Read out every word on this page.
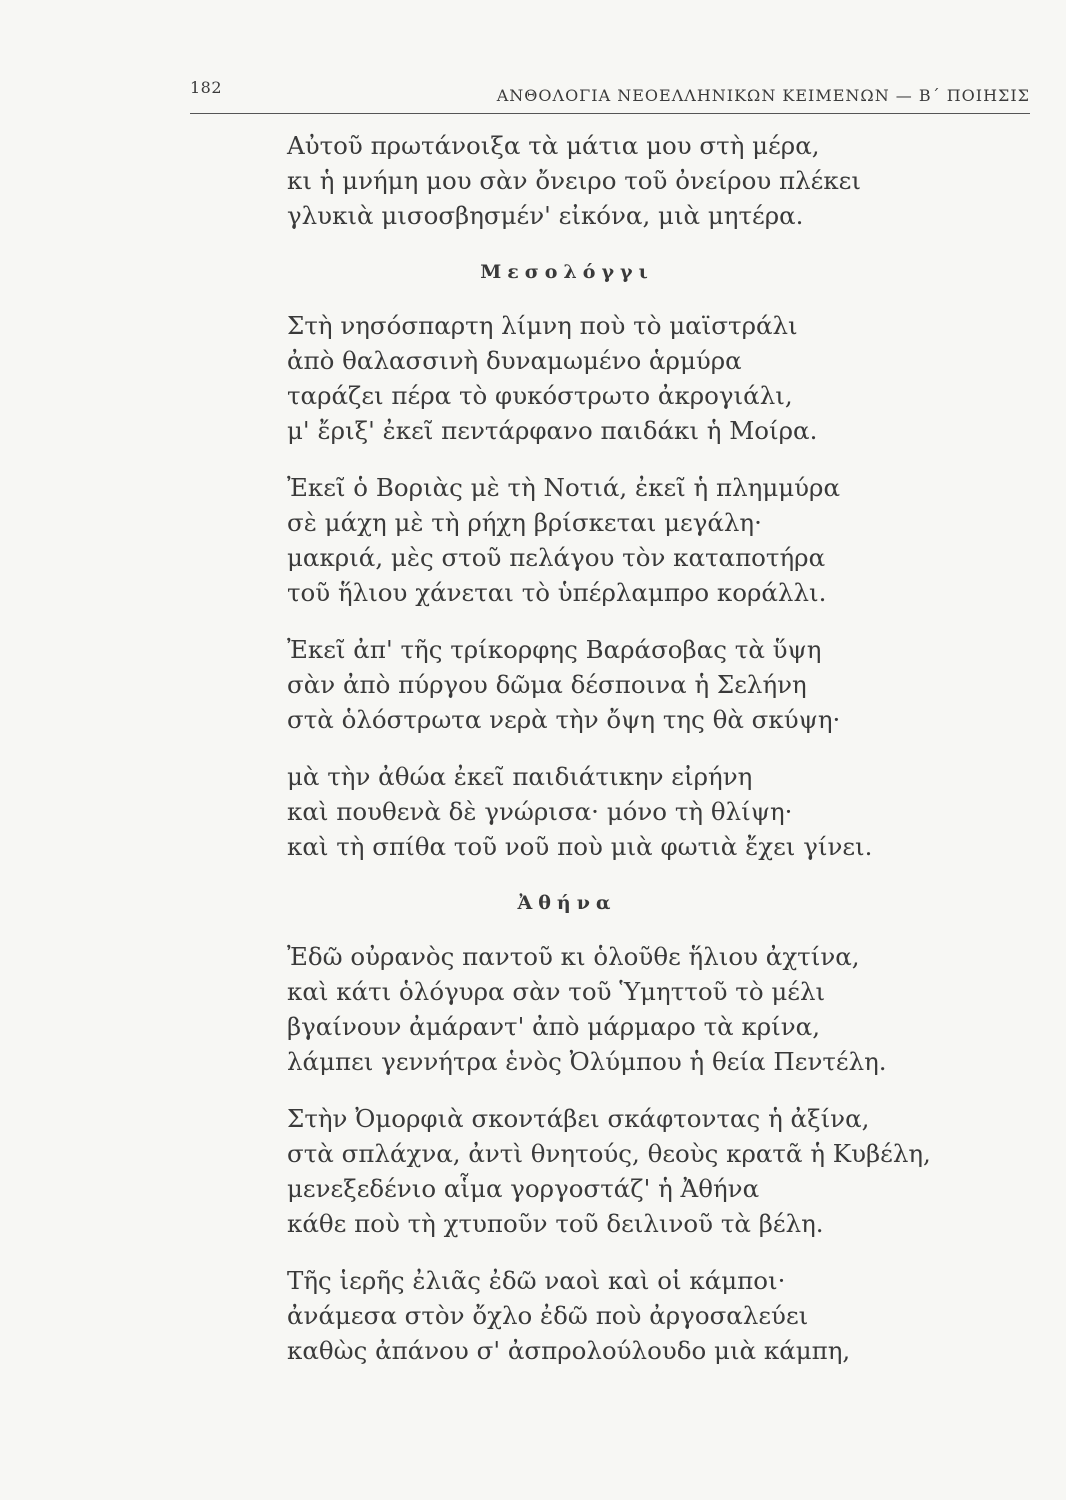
182	ΑΝΘΟΛΟΓΙΑ ΝΕΟΕΛΛΗΝΙΚΩΝ ΚΕΙΜΕΝΩΝ — Β΄ ΠΟΙΗΣΙΣ
Αὐτοῦ πρωτάνοιξα τὰ μάτια μου στὴ μέρα,
κι ἡ μνήμη μου σὰν ὄνειρο τοῦ ὀνείρου πλέκει
γλυκιὰ μισοσβησμέν' εἰκόνα, μιὰ μητέρα.
Μεσολόγγι
Στὴ νησόσπαρτη λίμνη ποὺ τὸ μαϊστράλι
ἀπὸ θαλασσινὴ δυναμωμένο ἁρμύρα
ταράζει πέρα τὸ φυκόστρωτο ἀκρογιάλι,
μ' ἔριξ' ἐκεῖ πεντάρφανο παιδάκι ἡ Μοίρα.
Ἐκεῖ ὁ Βοριὰς μὲ τὴ Νοτιά, ἐκεῖ ἡ πλημμύρα
σὲ μάχη μὲ τὴ ρήχη βρίσκεται μεγάλη·
μακριά, μὲς στοῦ πελάγου τὸν καταποτήρα
τοῦ ἥλιου χάνεται τὸ ὑπέρλαμπρο κοράλλι.
Ἐκεῖ ἀπ' τῆς τρίκορφης Βαράσοβας τὰ ὕψη
σὰν ἀπὸ πύργου δῶμα δέσποινα ἡ Σελήνη
στὰ ὁλόστρωτα νερὰ τὴν ὄψη της θὰ σκύψη·
μὰ τὴν ἀθώα ἐκεῖ παιδιάτικην εἰρήνη
καὶ πουθενὰ δὲ γνώρισα· μόνο τὴ θλίψη·
καὶ τὴ σπίθα τοῦ νοῦ ποὺ μιὰ φωτιὰ ἔχει γίνει.
Ἀθήνα
Ἐδῶ οὐρανὸς παντοῦ κι ὁλοῦθε ἥλιου ἀχτίνα,
καὶ κάτι ὁλόγυρα σὰν τοῦ Ὑμηττοῦ τὸ μέλι
βγαίνουν ἀμάραντ' ἀπὸ μάρμαρο τὰ κρίνα,
λάμπει γεννήτρα ἑνὸς Ὀλύμπου ἡ θεία Πεντέλη.
Στὴν Ὀμορφιὰ σκοντάβει σκάφτοντας ἡ ἀξίνα,
στὰ σπλάχνα, ἀντὶ θνητούς, θεοὺς κρατᾶ ἡ Κυβέλη,
μενεξεδένιο αἷμα γοργοστάζ' ἡ Ἀθήνα
κάθε ποὺ τὴ χτυποῦν τοῦ δειλινοῦ τὰ βέλη.
Τῆς ἱερῆς ἐλιᾶς ἐδῶ ναοὶ καὶ οἱ κάμποι·
ἀνάμεσα στὸν ὄχλο ἐδῶ ποὺ ἀργοσαλεύει
καθὼς ἀπάνου σ' ἀσπρολούλουδο μιὰ κάμπη,
